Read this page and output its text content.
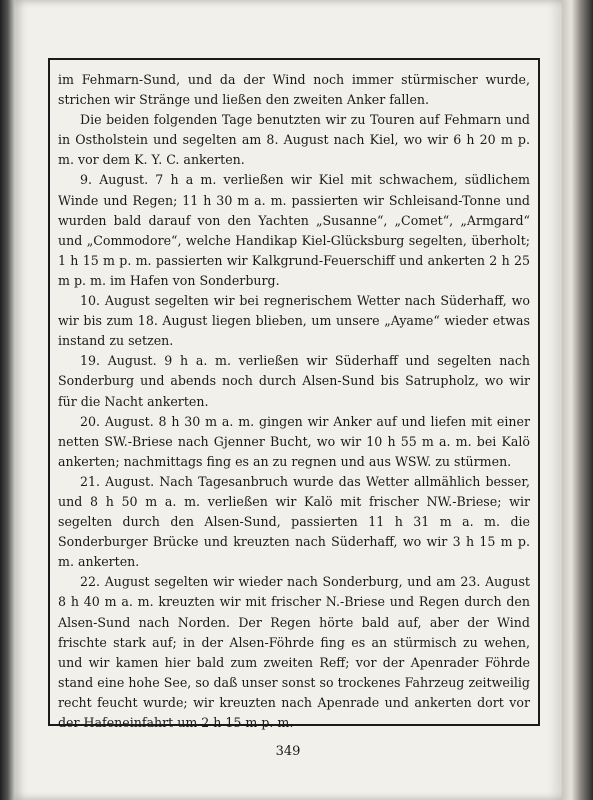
im Fehmarn-Sund, und da der Wind noch immer stürmischer wurde, strichen wir Stränge und ließen den zweiten Anker fallen.

Die beiden folgenden Tage benutzten wir zu Touren auf Fehmarn und in Ostholstein und segelten am 8. August nach Kiel, wo wir 6 h 20 m p. m. vor dem K. Y. C. ankerten.

9. August. 7 h a m. verließen wir Kiel mit schwachem, südlichem Winde und Regen; 11 h 30 m a. m. passierten wir Schleisand-Tonne und wurden bald darauf von den Yachten „Susanne“, „Comet“, „Armgard“ und „Commodore“, welche Handikap Kiel-Glücksburg segelten, überholt; 1 h 15 m p. m. passierten wir Kalkgrund-Feuerschiff und ankerten 2 h 25 m p. m. im Hafen von Sonderburg.

10. August segelten wir bei regnerischem Wetter nach Süderhaff, wo wir bis zum 18. August liegen blieben, um unsere „Ayame“ wieder etwas instand zu setzen.

19. August. 9 h a. m. verließen wir Süderhaff und segelten nach Sonderburg und abends noch durch Alsen-Sund bis Satrupholz, wo wir für die Nacht ankerten.

20. August. 8 h 30 m a. m. gingen wir Anker auf und liefen mit einer netten SW.-Briese nach Gjenner Bucht, wo wir 10 h 55 m a. m. bei Kalö ankerten; nachmittags fing es an zu regnen und aus WSW. zu stürmen.

21. August. Nach Tagesanbruch wurde das Wetter allmählich besser, und 8 h 50 m a. m. verließen wir Kalö mit frischer NW.-Briese; wir segelten durch den Alsen-Sund, passierten 11 h 31 m a. m. die Sonderburger Brücke und kreuzten nach Süderhaff, wo wir 3 h 15 m p. m. ankerten.

22. August segelten wir wieder nach Sonderburg, und am 23. August 8 h 40 m a. m. kreuzten wir mit frischer N.-Briese und Regen durch den Alsen-Sund nach Norden. Der Regen hörte bald auf, aber der Wind frischte stark auf; in der Alsen-Föhrde fing es an stürmisch zu wehen, und wir kamen hier bald zum zweiten Reff; vor der Apenrader Föhrde stand eine hohe See, so daß unser sonst so trockenes Fahrzeug zeitweilig recht feucht wurde; wir kreuzten nach Apenrade und ankerten dort vor der Hafeneinfahrt um 2 h 15 m p. m.

349
